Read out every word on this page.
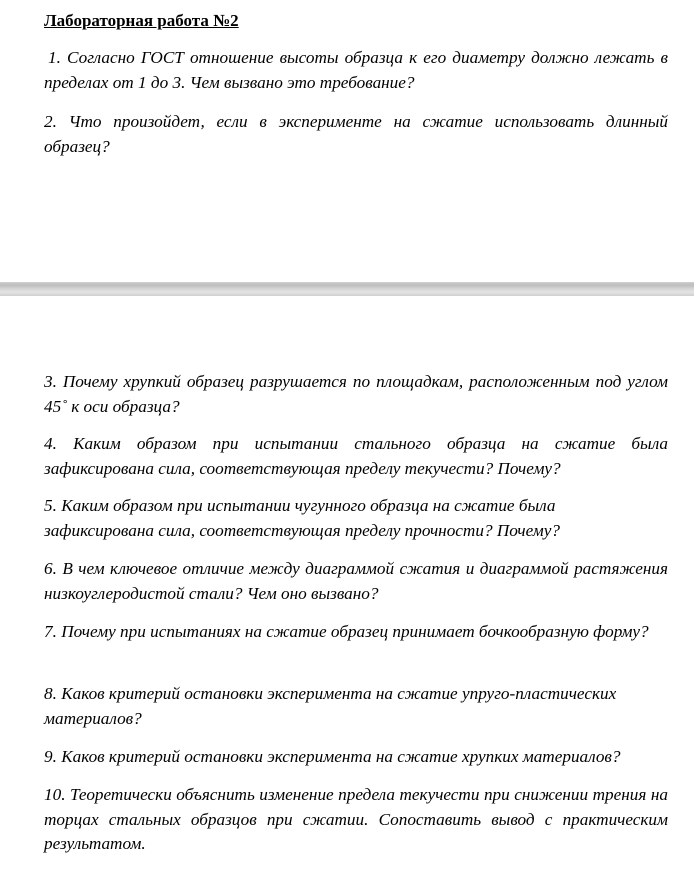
Лабораторная работа №2
1. Согласно ГОСТ отношение высоты образца к его диаметру должно лежать в пределах от 1 до 3. Чем вызвано это требование?
2. Что произойдет, если в эксперименте на сжатие использовать длинный образец?
3. Почему хрупкий образец разрушается по площадкам, расположенным под углом 45˚ к оси образца?
4. Каким образом при испытании стального образца на сжатие была зафиксирована сила, соответствующая пределу текучести? Почему?
5. Каким образом при испытании чугунного образца на сжатие была зафиксирована сила, соответствующая пределу прочности? Почему?
6. В чем ключевое отличие между диаграммой сжатия и диаграммой растяжения низкоуглеродистой стали? Чем оно вызвано?
7. Почему при испытаниях на сжатие образец принимает бочкообразную форму?
8. Каков критерий остановки эксперимента на сжатие упруго-пластических материалов?
9. Каков критерий остановки эксперимента на сжатие хрупких материалов?
10. Теоретически объяснить изменение предела текучести при снижении трения на торцах стальных образцов при сжатии. Сопоставить вывод с практическим результатом.
